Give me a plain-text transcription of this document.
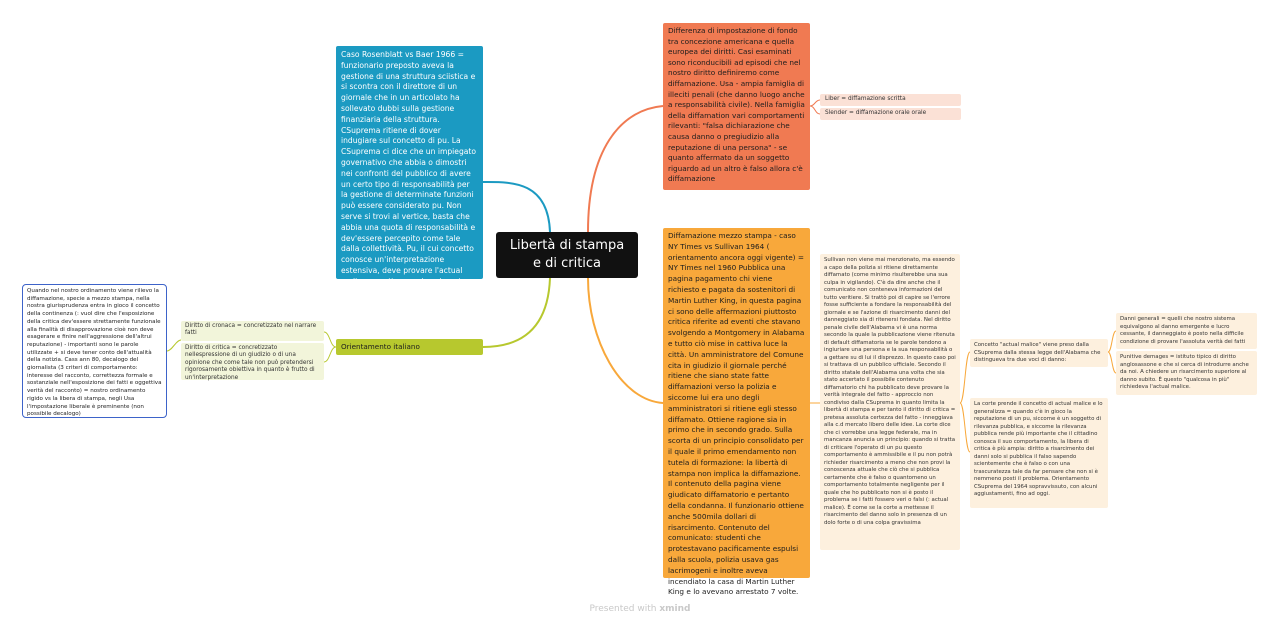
Libertà di stampa e di critica
Caso Rosenblatt vs Baer 1966 = funzionario preposto aveva la gestione di una struttura sciistica e si scontra con il direttore di un giornale che in un articolato ha sollevato dubbi sulla gestione finanziaria della struttura. CSuprema ritiene di dover indugiare sul concetto di pu. La CSuprema ci dice che un impiegato governativo che abbia o dimostri nei confronti del pubblico di avere un certo tipo di responsabilità per la gestione di determinate funzioni può essere considerato pu. Non serve si trovi al vertice, basta che abbia una quota di responsabilità e dev'essere percepito come tale dalla collettività. Pu, il cui concetto conosce un'interpretazione estensiva, deve provare l'actual malice per ottenere risarcimento danni
Differenza di impostazione di fondo tra concezione americana e quella europea dei diritti. Casi esaminati sono riconducibili ad episodi che nel nostro diritto definiremo come diffamazione. Usa - ampia famiglia di illeciti penali (che danno luogo anche a responsabilità civile). Nella famiglia della diffamation vari comportamenti rilevanti: "falsa dichiarazione che causa danno o pregiudizio alla reputazione di una persona" - se quanto affermato da un soggetto riguardo ad un altro è falso allora c'è diffamazione
Liber = diffamazione scritta
Slender = diffamazione orale orale
Diffamazione mezzo stampa - caso NY Times vs Sullivan 1964 ( orientamento ancora oggi vigente) = NY Times nel 1960 Pubblica una pagina pagamento chi viene richiesto e pagata da sostenitori di Martin Luther King, in questa pagina ci sono delle affermazioni piuttosto critica riferite ad eventi che stavano svolgendo a Montgomery in Alabama e tutto ciò mise in cattiva luce la città. Un amministratore del Comune cita in giudizio il giornale perché ritiene che siano state fatte diffamazioni verso la polizia e siccome lui era uno degli amministratori si ritiene egli stesso diffamato. Ottiene ragione sia in primo che in secondo grado. Sulla scorta di un principio consolidato per il quale il primo emendamento non tutela di formazione: la libertà di stampa non implica la diffamazione. Il contenuto della pagina viene giudicato diffamatorio e pertanto della condanna. Il funzionario ottiene anche 500mila dollari di risarcimento. Contenuto del comunicato: studenti che protestavano pacificamente espulsi dalla scuola, polizia usava gas lacrimogeni e inoltre aveva incendiato la casa di Martin Luther King e lo avevano arrestato 7 volte.
Sullivan non viene mai menzionato, ma essendo a capo della polizia si ritiene direttamente diffamato (come minimo risulterebbe una sua culpa in vigilando). C'è da dire anche che il comunicato non conteneva informazioni del tutto veritiere. Si trattò poi di capire se l'errore fosse sufficiente a fondare la responsabilità del giornale e se l'azione di risarcimento danni del danneggiato sia di ritenersi fondata. Nel diritto penale civile dell'Alabama vi è una norma secondo la quale la pubblicazione viene ritenuta di default diffamatoria se le parole tendono a ingiuriare una persona e la sua responsabilità o a gettare su di lui il disprezzo. In questo caso poi si trattava di un pubblico ufficiale. Secondo il diritto statale dell'Alabama una volta che sia stato accertato il possibile contenuto diffamatorio chi ha pubblicato deve provare la verità integrale del fatto - approccio non condiviso dalla CSuprema in quanto limita la libertà di stampa e per tanto il diritto di critica = pretesa assoluta certezza del fatto - inneggiava alla c.d mercato libero delle idee. La corte dice che ci vorrebbe una legge federale, ma in mancanza anuncia un principio: quando si tratta di criticare l'operato di un pu questo comportamento è ammissibile e il pu non potrà richieder risarcimento a meno che non provi la conoscenza attuale che ciò che si pubblica certamente che è falso o quantomeno un comportamento totalmente negligente per il quale che ho pubblicato non si è posto il problema se i fatti fossero veri o falsi (: actual malice). È come se la corte a mettesse il risarcimento del danno solo in presenza di un dolo forte o di una colpa gravissima
Concetto "actual malice" viene preso dalla CSuprema dalla stessa legge dell'Alabama che distingueva tra due voci di danno:
Danni generali = quelli che nostro sistema equivalgono al danno emergente e lucro cessante, il danneggiato è posto nella difficile condizione di provare l'assoluta verità dei fatti
Punitive demages = istituto tipico di diritto anglosassone e che si cerca di introdurre anche da noi. A chiedere un risarcimento superiore al danno subito. È questo "qualcosa in più" richiedeva l'actual malice.
La corte prende il concetto di actual malice e lo generalizza = quando c'è in gioco la reputazione di un pu, siccome è un soggetto di rilevanza pubblica, e siccome la rilevanza pubblica rende più importante che il cittadino conosca il suo comportamento, la libera di critica è più ampia: diritto a risarcimento dei danni solo si pubblica il falso sapendo scientemente che è falso o con una trascuratezza tale da far pensare che non si è nemmeno posti il problema. Orientamento CSuprema del 1964 sopravvissuto, con alcuni aggiustamenti, fino ad oggi.
Orientamento italiano
Diritto di cronaca = concretizzato nel narrare fatti
Diritto di critica = concretizzato nellespressione di un giudizio o di una opinione che come tale non può pretendersi rigorosamente obiettiva in quanto è frutto di un'interpretazione
Quando nel nostro ordinamento viene rilievo la diffamazione, specie a mezzo stampa, nella nostra giurisprudenza entra in gioco il concetto della continenza (: vuol dire che l'esposizione della critica dev'essere strettamente funzionale alla finalità di disapprovazione cioè non deve esagerare e finire nell'aggressione dell'altrui reputazione) - importanti sono le parole utilizzate + si deve tener conto dell'attualità della notizia. Cass ann 80, decalogo del giornalista (3 criteri di comportamento: interesse del racconto, correttezza formale e sostanziale nell'esposizione dei fatti e oggettiva verità del racconto) = nostro ordinamento rigido vs la libera di stampa, negli Usa l'impostazione liberale è preminente (non possibile decalogo)
Presented with xmind
